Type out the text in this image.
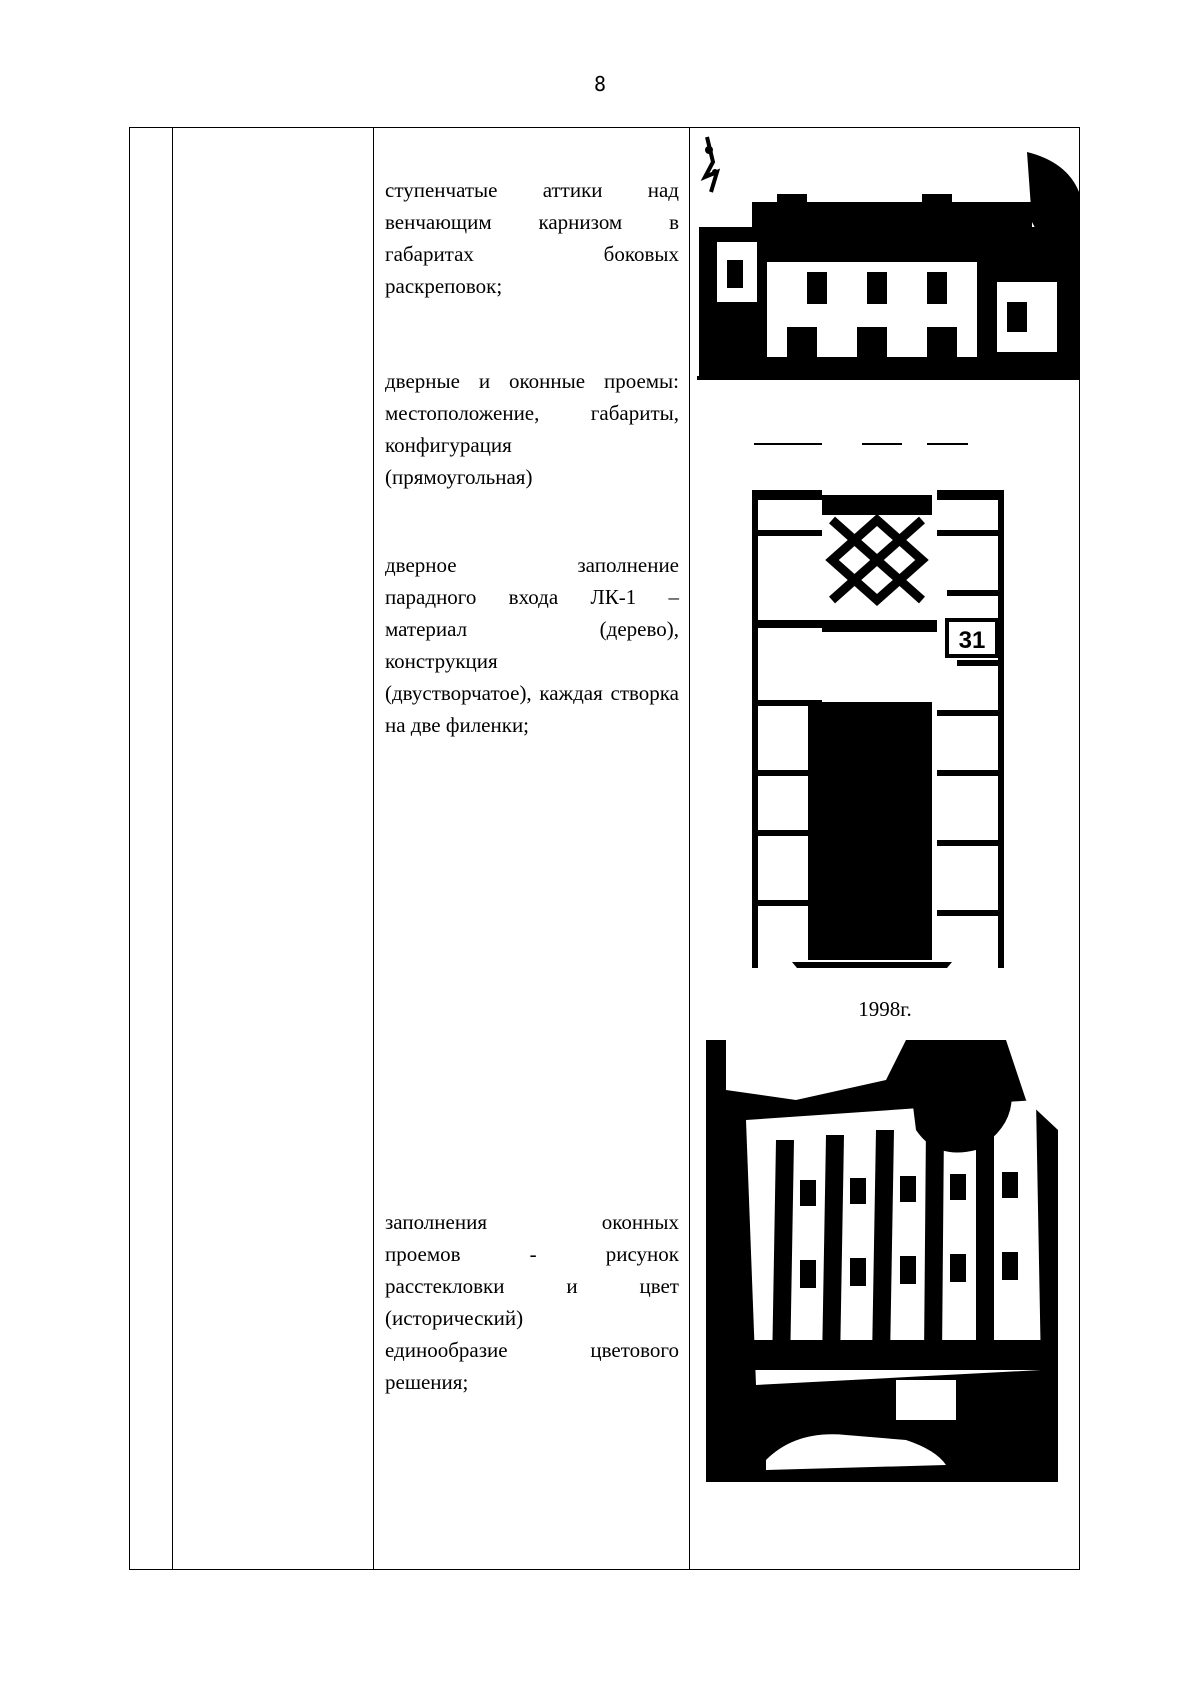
8

ступенчатые аттики над

венчающим карнизом в

габаритах боковых

раскреповок;

дверные и оконные проемы:

местоположение, габариты,

конфигурация
(прямоугольная)

дверное заполнение

парадного входа ЛК-1 –

материал (дерево),

конструкция
(двустворчатое), каждая створка на две филенки;

заполнения оконных

проемов - рисунок

расстекловки и цвет

(исторический)
единообразие цветового решения;

31
1998г.
